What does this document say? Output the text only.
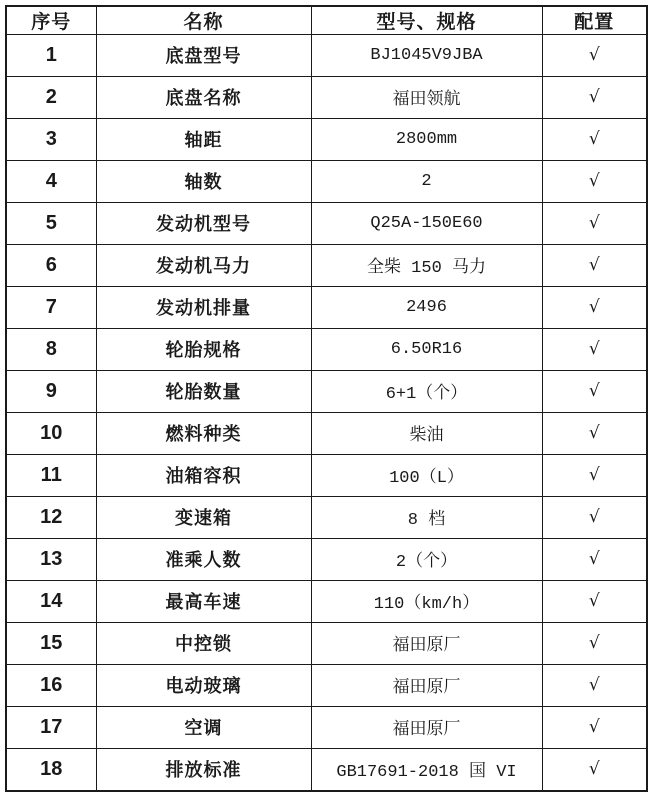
序号	名称	型号、规格	配置
1	底盘型号	BJ1045V9JBA	√
2	底盘名称	福田领航	√
3	轴距	2800mm	√
4	轴数	2	√
5	发动机型号	Q25A-150E60	√
6	发动机马力	全柴 150 马力	√
7	发动机排量	2496	√
8	轮胎规格	6.50R16	√
9	轮胎数量	6+1（个）	√
10	燃料种类	柴油	√
11	油箱容积	100（L）	√
12	变速箱	8 档	√
13	准乘人数	2（个）	√
14	最高车速	110（km/h）	√
15	中控锁	福田原厂	√
16	电动玻璃	福田原厂	√
17	空调	福田原厂	√
18	排放标准	GB17691-2018 国 VI	√
